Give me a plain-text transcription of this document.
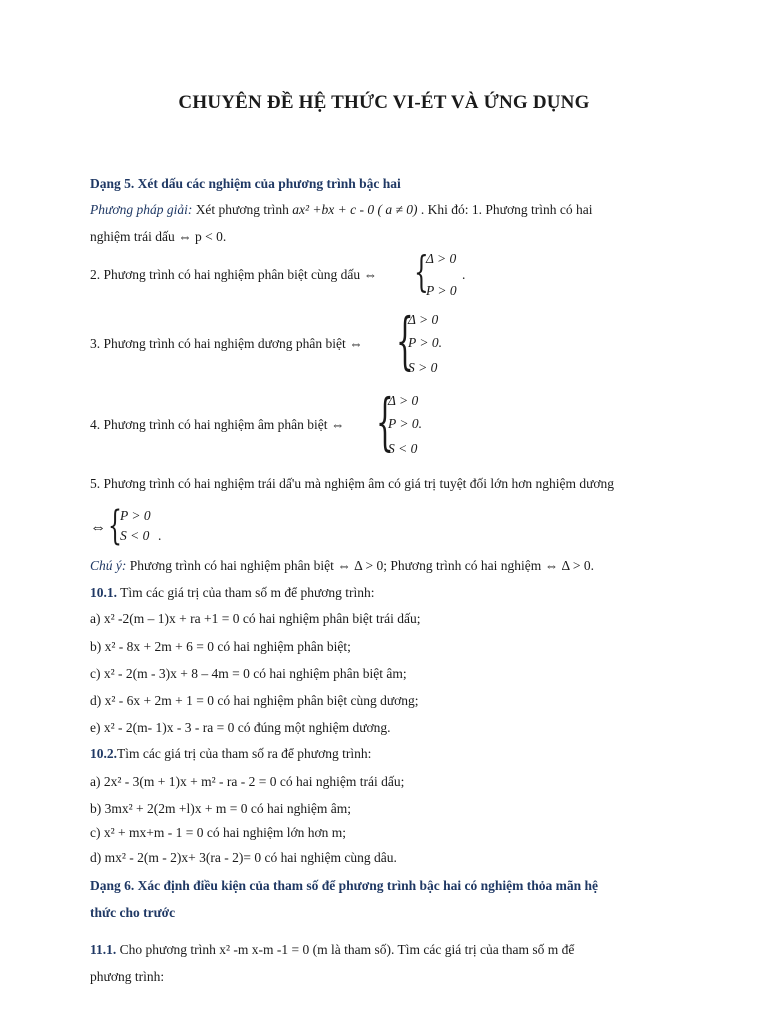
CHUYÊN ĐỀ HỆ THỨC VI-ÉT VÀ ỨNG DỤNG
Dạng 5. Xét dấu các nghiệm của phương trình bậc hai
Phương pháp giải: Xét phương trình ax² +bx + c - 0 ( a ≠ 0) . Khi đó: 1. Phương trình có hai
nghiệm trái dấu ⇔ p < 0.
2. Phương trình có hai nghiệm phân biệt cùng dấu ⇔ {
Δ > 0
P > 0
.
3. Phương trình có hai nghiệm dương phân biệt ⇔ {
Δ > 0
P > 0.
S > 0
4. Phương trình có hai nghiệm âm phân biệt ⇔ {
Δ > 0
P > 0.
S < 0
5. Phương trình có hai nghiệm trái dấ'u mà nghiệm âm có giá trị tuyệt đối lớn hơn nghiệm dương
⇔ {
P > 0
S < 0 .
Chú ý: Phương trình có hai nghiệm phân biệt ⇔ Δ > 0; Phương trình có hai nghiệm ⇔ Δ > 0.
10.1. Tìm các giá trị của tham số m để phương trình:
a) x² -2(m – 1)x + ra +1 = 0 có hai nghiệm phân biệt trái dấu;
b) x² - 8x + 2m + 6 = 0 có hai nghiệm phân biệt;
c) x² - 2(m - 3)x + 8 – 4m = 0 có hai nghiệm phân biệt âm;
d) x² - 6x + 2m + 1 = 0 có hai nghiệm phân biệt cùng dương;
e) x² - 2(m- 1)x - 3 - ra = 0 có đúng một nghiệm dương.
10.2.Tìm các giá trị của tham số ra để phương trình:
a) 2x² - 3(m + 1)x + m² - ra - 2 = 0 có hai nghiệm trái dấu;
b) 3mx² + 2(2m +l)x + m = 0 có hai nghiệm âm;
c) x² + mx+m - 1 = 0 có hai nghiệm lớn hơn m;
d) mx² - 2(m - 2)x+ 3(ra - 2)= 0 có hai nghiệm cùng dâu.
Dạng 6. Xác định điều kiện của tham số để phương trình bậc hai có nghiệm thỏa mãn hệ
thức cho trước
11.1. Cho phương trình x² -m x-m -1 = 0 (m là tham số). Tìm các giá trị của tham số m để
phương trình:
